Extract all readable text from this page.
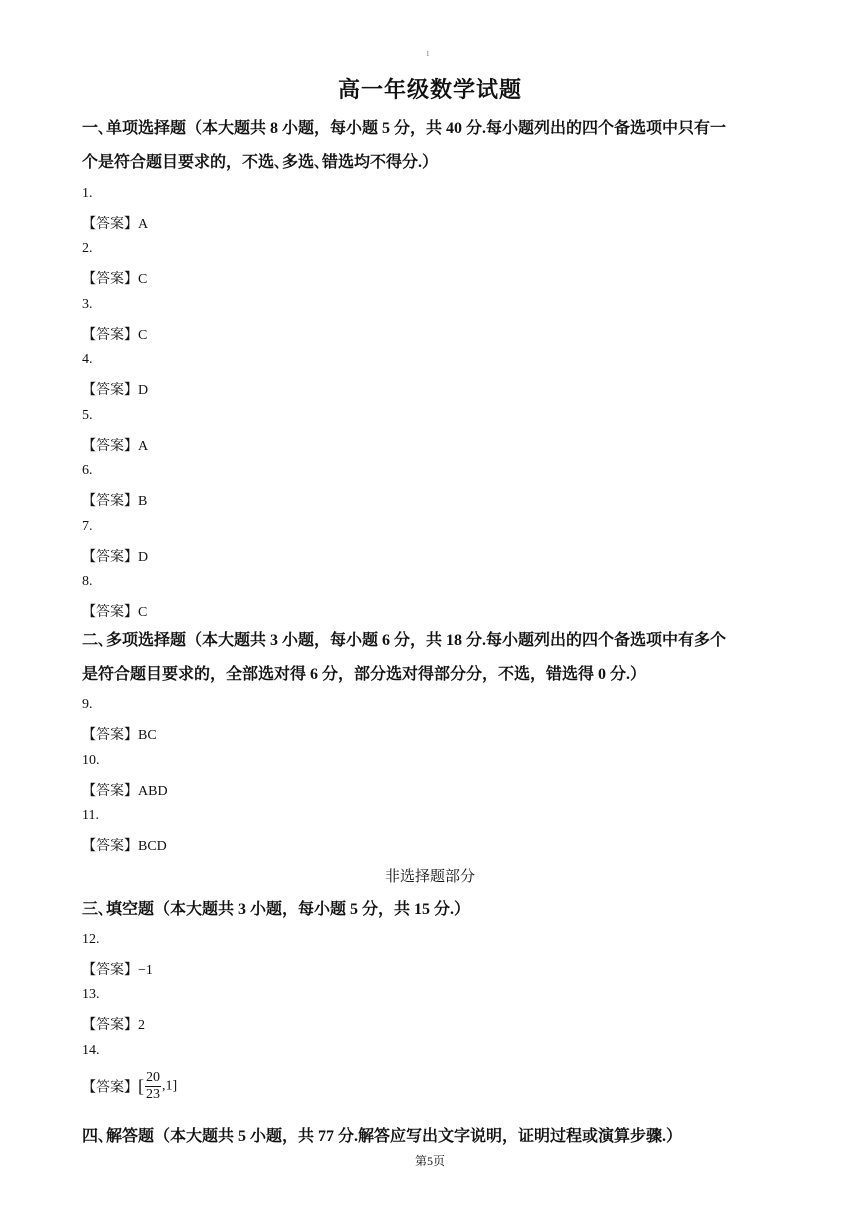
1
高一年级数学试题
一､单项选择题（本大题共 8 小题，每小题 5 分，共 40 分.每小题列出的四个备选项中只有一
个是符合题目要求的，不选､多选､错选均不得分.）
1.
【答案】A
2.
【答案】C
3.
【答案】C
4.
【答案】D
5.
【答案】A
6.
【答案】B
7.
【答案】D
8.
【答案】C
二､多项选择题（本大题共 3 小题，每小题 6 分，共 18 分.每小题列出的四个备选项中有多个
是符合题目要求的，全部选对得 6 分，部分选对得部分分，不选，错选得 0 分.）
9.
【答案】BC
10.
【答案】ABD
11.
【答案】BCD
非选择题部分
三､填空题（本大题共 3 小题，每小题 5 分，共 15 分.）
12.
【答案】−1
13.
【答案】2
14.
【答案】[ $\frac{20}{23} ,1$]
四､解答题（本大题共 5 小题，共 77 分.解答应写出文字说明，证明过程或演算步骤.）
第5页
